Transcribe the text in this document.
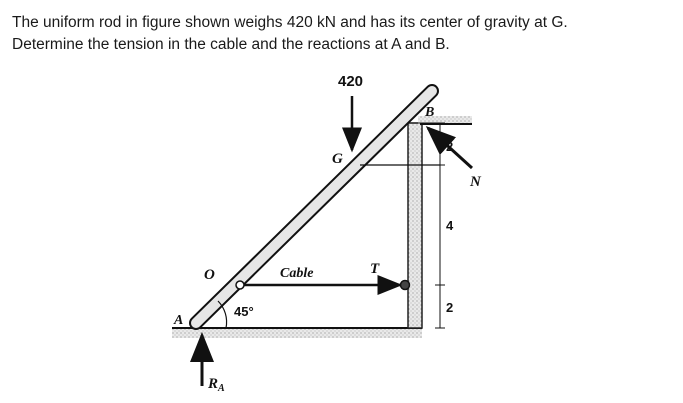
The uniform rod in figure shown weighs 420 kN and has its center of gravity at G.

Determine the tension in the cable and the reactions at A and B.

420
G
B
N
2
4
2
Cable	T
O
A
45°
$R_A$
